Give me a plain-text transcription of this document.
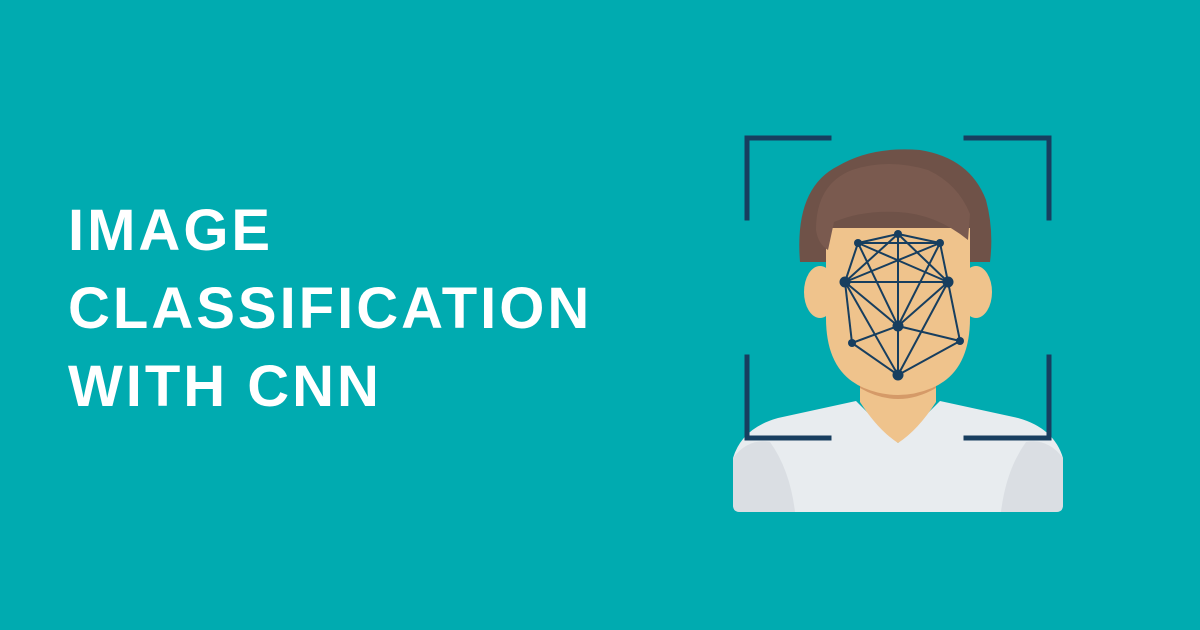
IMAGE
CLASSIFICATION
WITH CNN
